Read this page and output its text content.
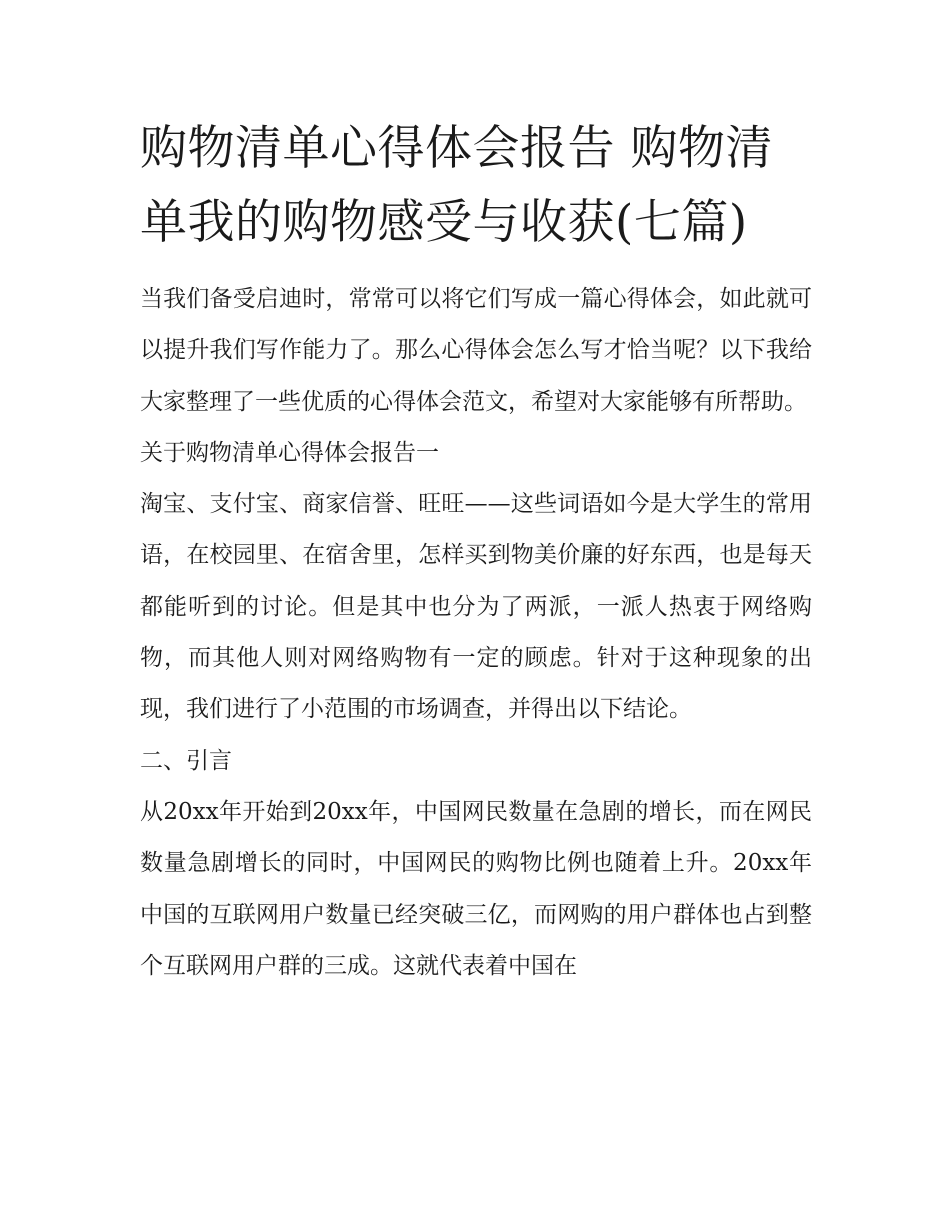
购物清单心得体会报告 购物清单我的购物感受与收获(七篇)

当我们备受启迪时，常常可以将它们写成一篇心得体会，如此就可以提升我们写作能力了。那么心得体会怎么写才恰当呢？以下我给大家整理了一些优质的心得体会范文，希望对大家能够有所帮助。

关于购物清单心得体会报告一

淘宝、支付宝、商家信誉、旺旺——这些词语如今是大学生的常用语，在校园里、在宿舍里，怎样买到物美价廉的好东西，也是每天都能听到的讨论。但是其中也分为了两派，一派人热衷于网络购物，而其他人则对网络购物有一定的顾虑。针对于这种现象的出现，我们进行了小范围的市场调查，并得出以下结论。

二、引言

从20xx年开始到20xx年，中国网民数量在急剧的增长，而在网民数量急剧增长的同时，中国网民的购物比例也随着上升。20xx年中国的互联网用户数量已经突破三亿，而网购的用户群体也占到整个互联网用户群的三成。这就代表着中国在
